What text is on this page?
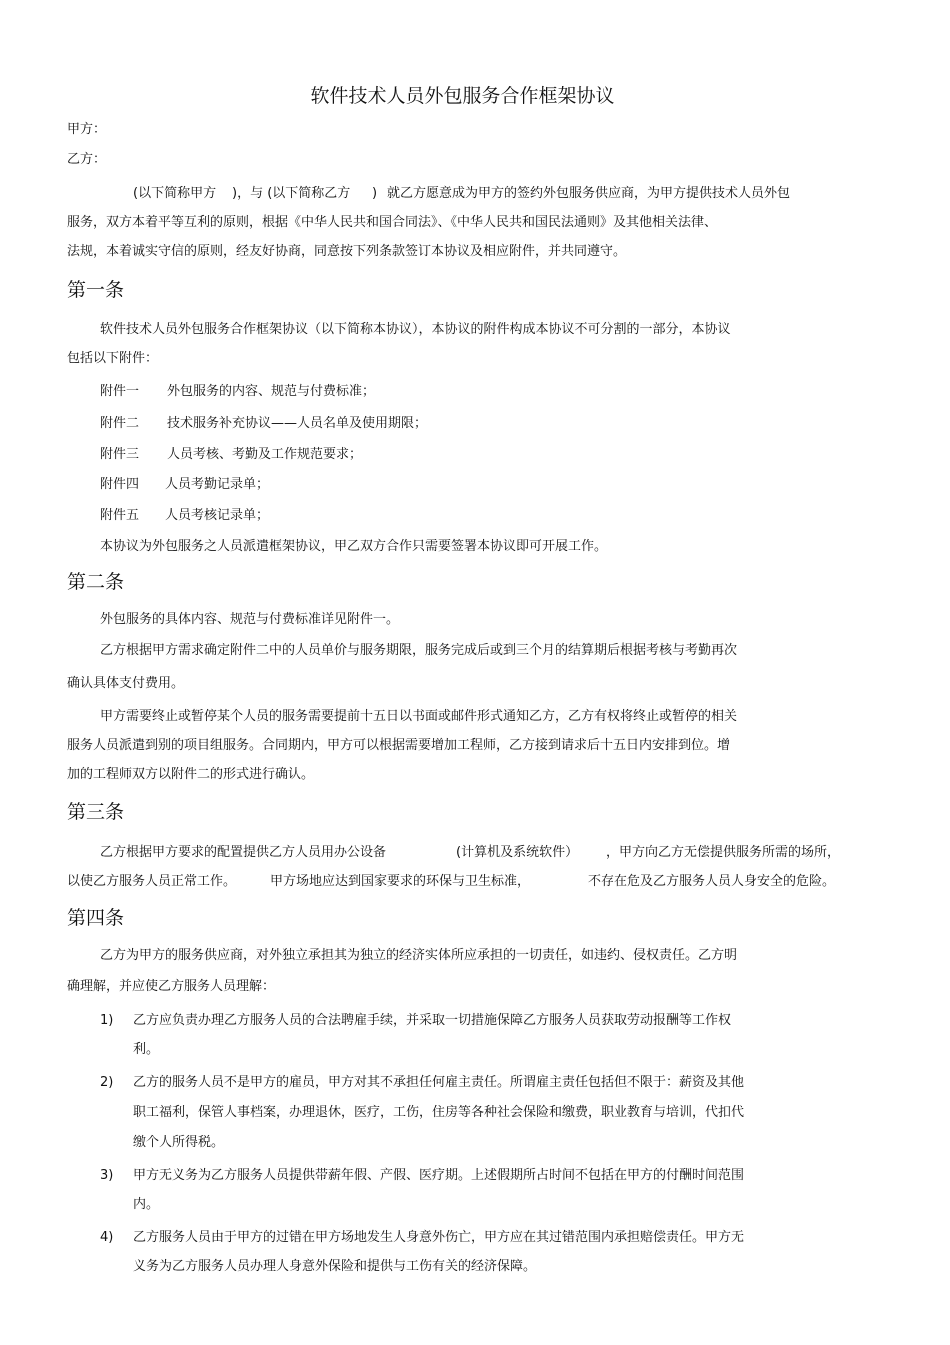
软件技术人员外包服务合作框架协议
甲方：
乙方：
(以下简称甲方 )，与 (以下简称乙方 ) 就乙方愿意成为甲方的签约外包服务供应商，为甲方提供技术人员外包
服务，双方本着平等互利的原则，根据《中华人民共和国合同法》、《中华人民共和国民法通则》及其他相关法律、
法规，本着诚实守信的原则，经友好协商，同意按下列条款签订本协议及相应附件，并共同遵守。
第一条
软件技术人员外包服务合作框架协议（以下简称本协议），本协议的附件构成本协议不可分割的一部分，本协议
包括以下附件：
附件一 外包服务的内容、规范与付费标准；
附件二 技术服务补充协议——人员名单及使用期限；
附件三 人员考核、考勤及工作规范要求；
附件四 人员考勤记录单；
附件五 人员考核记录单；
本协议为外包服务之人员派遣框架协议，甲乙双方合作只需要签署本协议即可开展工作。
第二条
外包服务的具体内容、规范与付费标准详见附件一。
乙方根据甲方需求确定附件二中的人员单价与服务期限，服务完成后或到三个月的结算期后根据考核与考勤再次
确认具体支付费用。
甲方需要终止或暂停某个人员的服务需要提前十五日以书面或邮件形式通知乙方，乙方有权将终止或暂停的相关
服务人员派遣到别的项目组服务。合同期内，甲方可以根据需要增加工程师，乙方接到请求后十五日内安排到位。增
加的工程师双方以附件二的形式进行确认。
第三条
乙方根据甲方要求的配置提供乙方人员用办公设备	(计算机及系统软件） ，甲方向乙方无偿提供服务所需的场所，
以使乙方服务人员正常工作。	甲方场地应达到国家要求的环保与卫生标准，	不存在危及乙方服务人员人身安全的危险。
第四条
乙方为甲方的服务供应商，对外独立承担其为独立的经济实体所应承担的一切责任，如违约、侵权责任。乙方明
确理解，并应使乙方服务人员理解：
1) 乙方应负责办理乙方服务人员的合法聘雇手续，并采取一切措施保障乙方服务人员获取劳动报酬等工作权
利。
2) 乙方的服务人员不是甲方的雇员，甲方对其不承担任何雇主责任。所谓雇主责任包括但不限于：薪资及其他
职工福利，保管人事档案，办理退休，医疗，工伤，住房等各种社会保险和缴费，职业教育与培训，代扣代
缴个人所得税。
3) 甲方无义务为乙方服务人员提供带薪年假、产假、医疗期。上述假期所占时间不包括在甲方的付酬时间范围
内。
4) 乙方服务人员由于甲方的过错在甲方场地发生人身意外伤亡，甲方应在其过错范围内承担赔偿责任。甲方无
义务为乙方服务人员办理人身意外保险和提供与工伤有关的经济保障。
